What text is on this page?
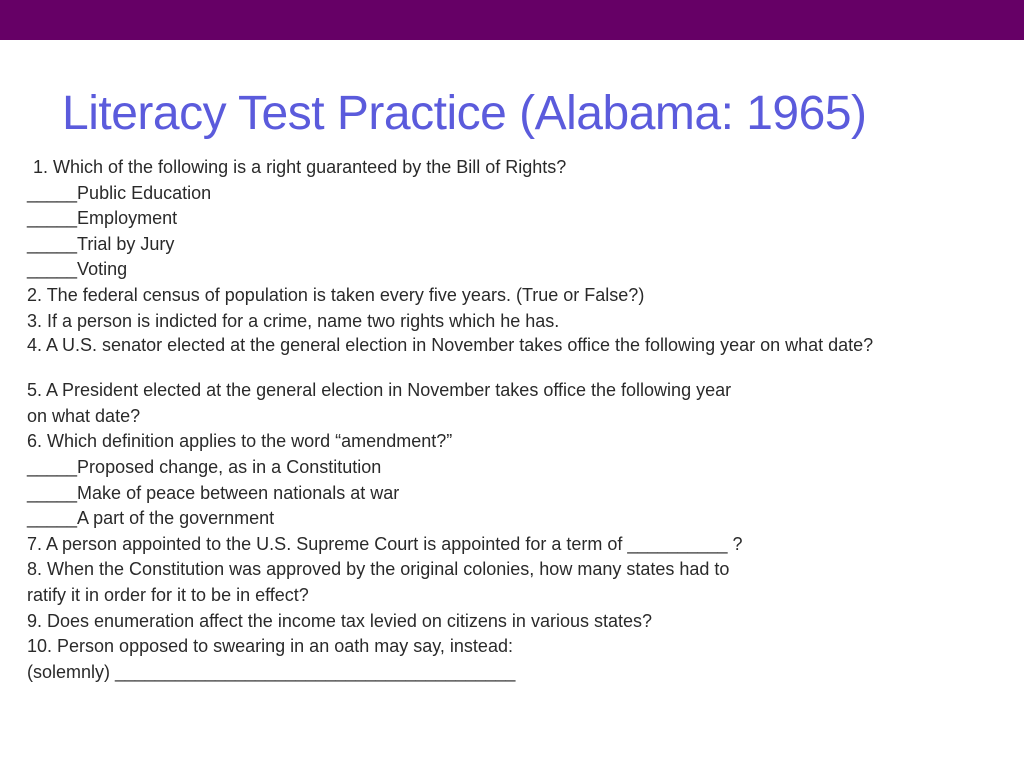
Literacy Test Practice (Alabama: 1965)
1. Which of the following is a right guaranteed by the Bill of Rights?
_____Public Education
_____Employment
_____Trial by Jury
_____Voting
2. The federal census of population is taken every five years. (True or False?)
3. If a person is indicted for a crime, name two rights which he has.
4. A U.S. senator elected at the general election in November takes office the following year on what date?
5. A President elected at the general election in November takes office the following year
on what date?
6. Which definition applies to the word “amendment?”
_____Proposed change, as in a Constitution
_____Make of peace between nationals at war
_____A part of the government
7. A person appointed to the U.S. Supreme Court is appointed for a term of __________ ?
8. When the Constitution was approved by the original colonies, how many states had to
ratify it in order for it to be in effect?
9. Does enumeration affect the income tax levied on citizens in various states?
10. Person opposed to swearing in an oath may say, instead:
(solemnly) ________________________________________
